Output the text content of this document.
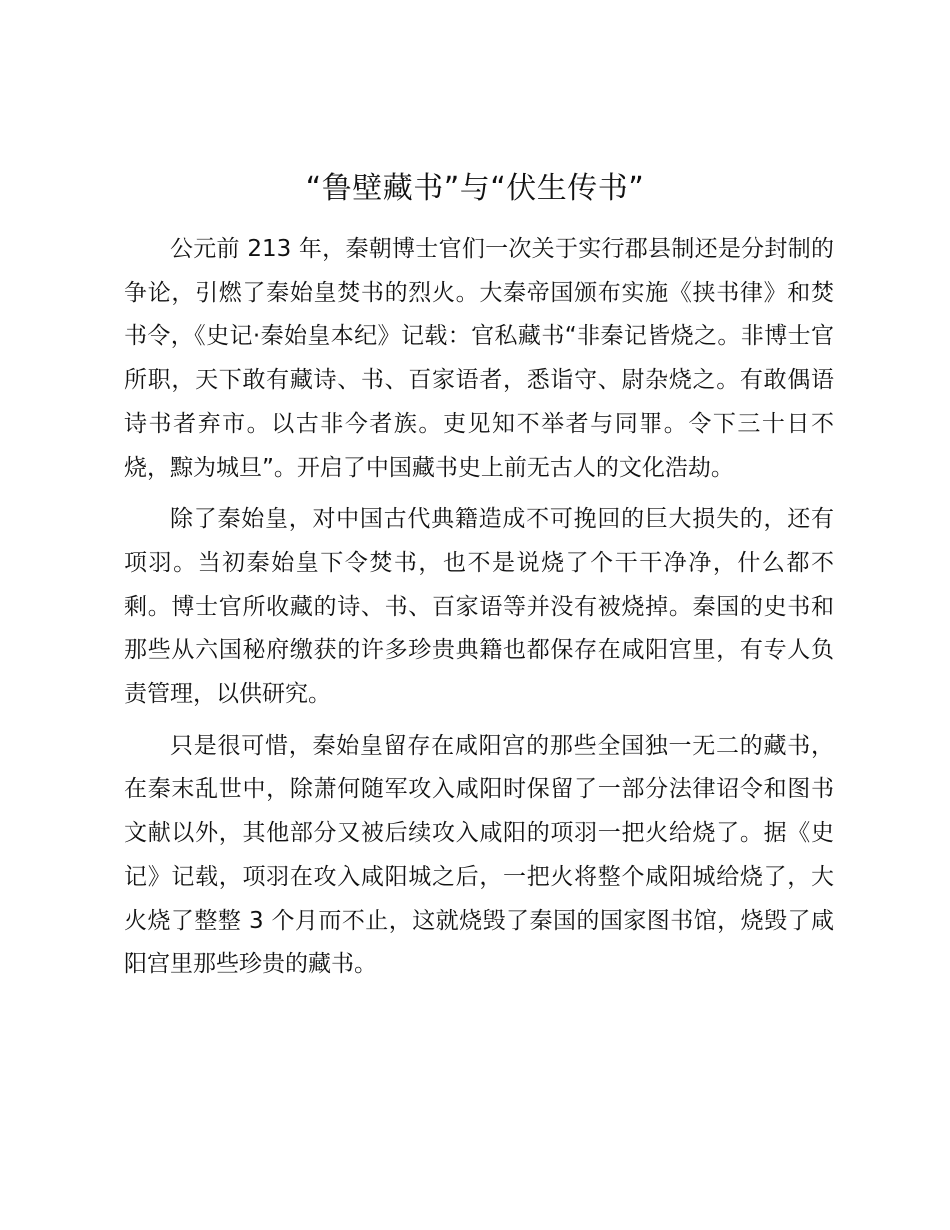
“鲁壁藏书”与“伏生传书”

公元前 213 年，秦朝博士官们一次关于实行郡县制还是分封制的争论，引燃了秦始皇焚书的烈火。大秦帝国颁布实施《挟书律》和焚书令，《史记·秦始皇本纪》记载：官私藏书“非秦记皆烧之。非博士官所职，天下敢有藏诗、书、百家语者，悉诣守、尉杂烧之。有敢偶语诗书者弃市。以古非今者族。吏见知不举者与同罪。令下三十日不烧，黥为城旦”。开启了中国藏书史上前无古人的文化浩劫。

除了秦始皇，对中国古代典籍造成不可挽回的巨大损失的，还有项羽。当初秦始皇下令焚书，也不是说烧了个干干净净，什么都不剩。博士官所收藏的诗、书、百家语等并没有被烧掉。秦国的史书和那些从六国秘府缴获的许多珍贵典籍也都保存在咸阳宫里，有专人负责管理，以供研究。

只是很可惜，秦始皇留存在咸阳宫的那些全国独一无二的藏书，在秦末乱世中，除萧何随军攻入咸阳时保留了一部分法律诏令和图书文献以外，其他部分又被后续攻入咸阳的项羽一把火给烧了。据《史记》记载，项羽在攻入咸阳城之后，一把火将整个咸阳城给烧了，大火烧了整整 3 个月而不止，这就烧毁了秦国的国家图书馆，烧毁了咸阳宫里那些珍贵的藏书。
